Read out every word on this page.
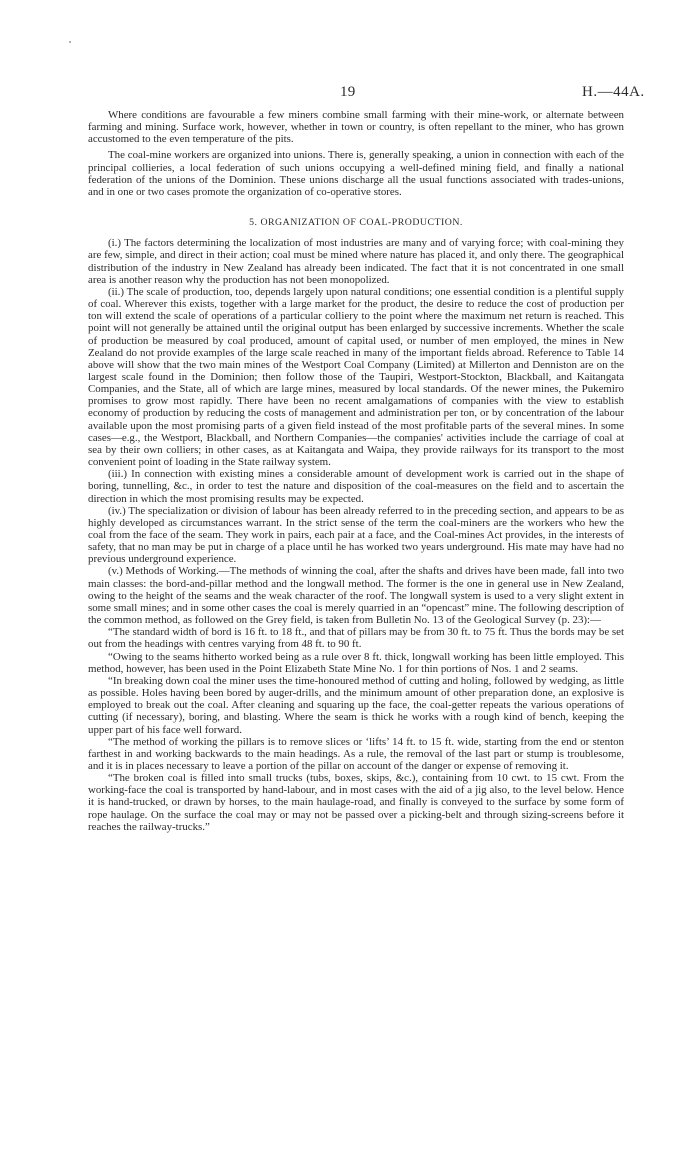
19	H.—44A.

Where conditions are favourable a few miners combine small farming with their mine-work, or alternate between farming and mining. Surface work, however, whether in town or country, is often repellant to the miner, who has grown accustomed to the even temperature of the pits.

The coal-mine workers are organized into unions. There is, generally speaking, a union in connection with each of the principal collieries, a local federation of such unions occupying a well-defined mining field, and finally a national federation of the unions of the Dominion. These unions discharge all the usual functions associated with trades-unions, and in one or two cases promote the organization of co-operative stores.

5. ORGANIZATION OF COAL-PRODUCTION.

(i.) The factors determining the localization of most industries are many and of varying force; with coal-mining they are few, simple, and direct in their action; coal must be mined where nature has placed it, and only there. The geographical distribution of the industry in New Zealand has already been indicated. The fact that it is not concentrated in one small area is another reason why the production has not been monopolized.

(ii.) The scale of production, too, depends largely upon natural conditions; one essential condition is a plentiful supply of coal. Wherever this exists, together with a large market for the product, the desire to reduce the cost of production per ton will extend the scale of operations of a particular colliery to the point where the maximum net return is reached. This point will not generally be attained until the original output has been enlarged by successive increments. Whether the scale of production be measured by coal produced, amount of capital used, or number of men employed, the mines in New Zealand do not provide examples of the large scale reached in many of the important fields abroad. Reference to Table 14 above will show that the two main mines of the Westport Coal Company (Limited) at Millerton and Denniston are on the largest scale found in the Dominion; then follow those of the Taupiri, Westport-Stockton, Blackball, and Kaitangata Companies, and the State, all of which are large mines, measured by local standards. Of the newer mines, the Pukemiro promises to grow most rapidly. There have been no recent amalgamations of companies with the view to establish economy of production by reducing the costs of management and administration per ton, or by concentration of the labour available upon the most promising parts of a given field instead of the most profitable parts of the several mines. In some cases—e.g., the Westport, Blackball, and Northern Companies—the companies' activities include the carriage of coal at sea by their own colliers; in other cases, as at Kaitangata and Waipa, they provide railways for its transport to the most convenient point of loading in the State railway system.

(iii.) In connection with existing mines a considerable amount of development work is carried out in the shape of boring, tunnelling, &c., in order to test the nature and disposition of the coal-measures on the field and to ascertain the direction in which the most promising results may be expected.

(iv.) The specialization or division of labour has been already referred to in the preceding section, and appears to be as highly developed as circumstances warrant. In the strict sense of the term the coal-miners are the workers who hew the coal from the face of the seam. They work in pairs, each pair at a face, and the Coal-mines Act provides, in the interests of safety, that no man may be put in charge of a place until he has worked two years underground. His mate may have had no previous underground experience.

(v.) Methods of Working.—The methods of winning the coal, after the shafts and drives have been made, fall into two main classes: the bord-and-pillar method and the longwall method. The former is the one in general use in New Zealand, owing to the height of the seams and the weak character of the roof. The longwall system is used to a very slight extent in some small mines; and in some other cases the coal is merely quarried in an “opencast” mine. The following description of the common method, as followed on the Grey field, is taken from Bulletin No. 13 of the Geological Survey (p. 23):—

“The standard width of bord is 16 ft. to 18 ft., and that of pillars may be from 30 ft. to 75 ft. Thus the bords may be set out from the headings with centres varying from 48 ft. to 90 ft.

“Owing to the seams hitherto worked being as a rule over 8 ft. thick, longwall working has been little employed. This method, however, has been used in the Point Elizabeth State Mine No. 1 for thin portions of Nos. 1 and 2 seams.

“In breaking down coal the miner uses the time-honoured method of cutting and holing, followed by wedging, as little as possible. Holes having been bored by auger-drills, and the minimum amount of other preparation done, an explosive is employed to break out the coal. After cleaning and squaring up the face, the coal-getter repeats the various operations of cutting (if necessary), boring, and blasting. Where the seam is thick he works with a rough kind of bench, keeping the upper part of his face well forward.

“The method of working the pillars is to remove slices or ‘lifts’ 14 ft. to 15 ft. wide, starting from the end or stenton farthest in and working backwards to the main headings. As a rule, the removal of the last part or stump is troublesome, and it is in places necessary to leave a portion of the pillar on account of the danger or expense of removing it.

“The broken coal is filled into small trucks (tubs, boxes, skips, &c.), containing from 10 cwt. to 15 cwt. From the working-face the coal is transported by hand-labour, and in most cases with the aid of a jig also, to the level below. Hence it is hand-trucked, or drawn by horses, to the main haulage-road, and finally is conveyed to the surface by some form of rope haulage. On the surface the coal may or may not be passed over a picking-belt and through sizing-screens before it reaches the railway-trucks.”
